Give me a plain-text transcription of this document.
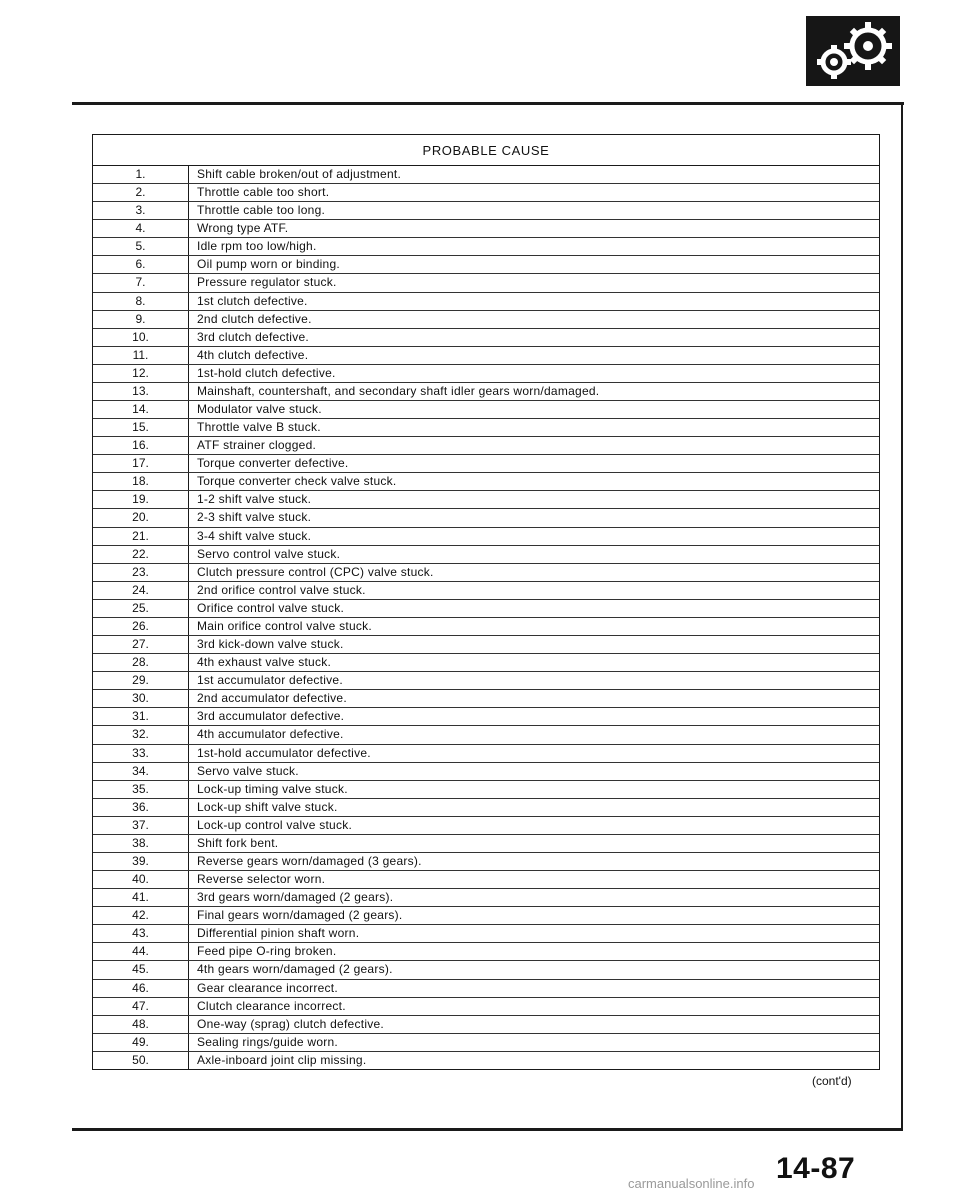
PROBABLE CAUSE
1.	Shift cable broken/out of adjustment.
2.	Throttle cable too short.
3.	Throttle cable too long.
4.	Wrong type ATF.
5.	Idle rpm too low/high.
6.	Oil pump worn or binding.
7.	Pressure regulator stuck.
8.	1st clutch defective.
9.	2nd clutch defective.
10.	3rd clutch defective.
11.	4th clutch defective.
12.	1st-hold clutch defective.
13.	Mainshaft, countershaft, and secondary shaft idler gears worn/damaged.
14.	Modulator valve stuck.
15.	Throttle valve B stuck.
16.	ATF strainer clogged.
17.	Torque converter defective.
18.	Torque converter check valve stuck.
19.	1-2 shift valve stuck.
20.	2-3 shift valve stuck.
21.	3-4 shift valve stuck.
22.	Servo control valve stuck.
23.	Clutch pressure control (CPC) valve stuck.
24.	2nd orifice control valve stuck.
25.	Orifice control valve stuck.
26.	Main orifice control valve stuck.
27.	3rd kick-down valve stuck.
28.	4th exhaust valve stuck.
29.	1st accumulator defective.
30.	2nd accumulator defective.
31.	3rd accumulator defective.
32.	4th accumulator defective.
33.	1st-hold accumulator defective.
34.	Servo valve stuck.
35.	Lock-up timing valve stuck.
36.	Lock-up shift valve stuck.
37.	Lock-up control valve stuck.
38.	Shift fork bent.
39.	Reverse gears worn/damaged (3 gears).
40.	Reverse selector worn.
41.	3rd gears worn/damaged (2 gears).
42.	Final gears worn/damaged (2 gears).
43.	Differential pinion shaft worn.
44.	Feed pipe O-ring broken.
45.	4th gears worn/damaged (2 gears).
46.	Gear clearance incorrect.
47.	Clutch clearance incorrect.
48.	One-way (sprag) clutch defective.
49.	Sealing rings/guide worn.
50.	Axle-inboard joint clip missing.
(cont'd)
14-87
carmanualsonline.info
